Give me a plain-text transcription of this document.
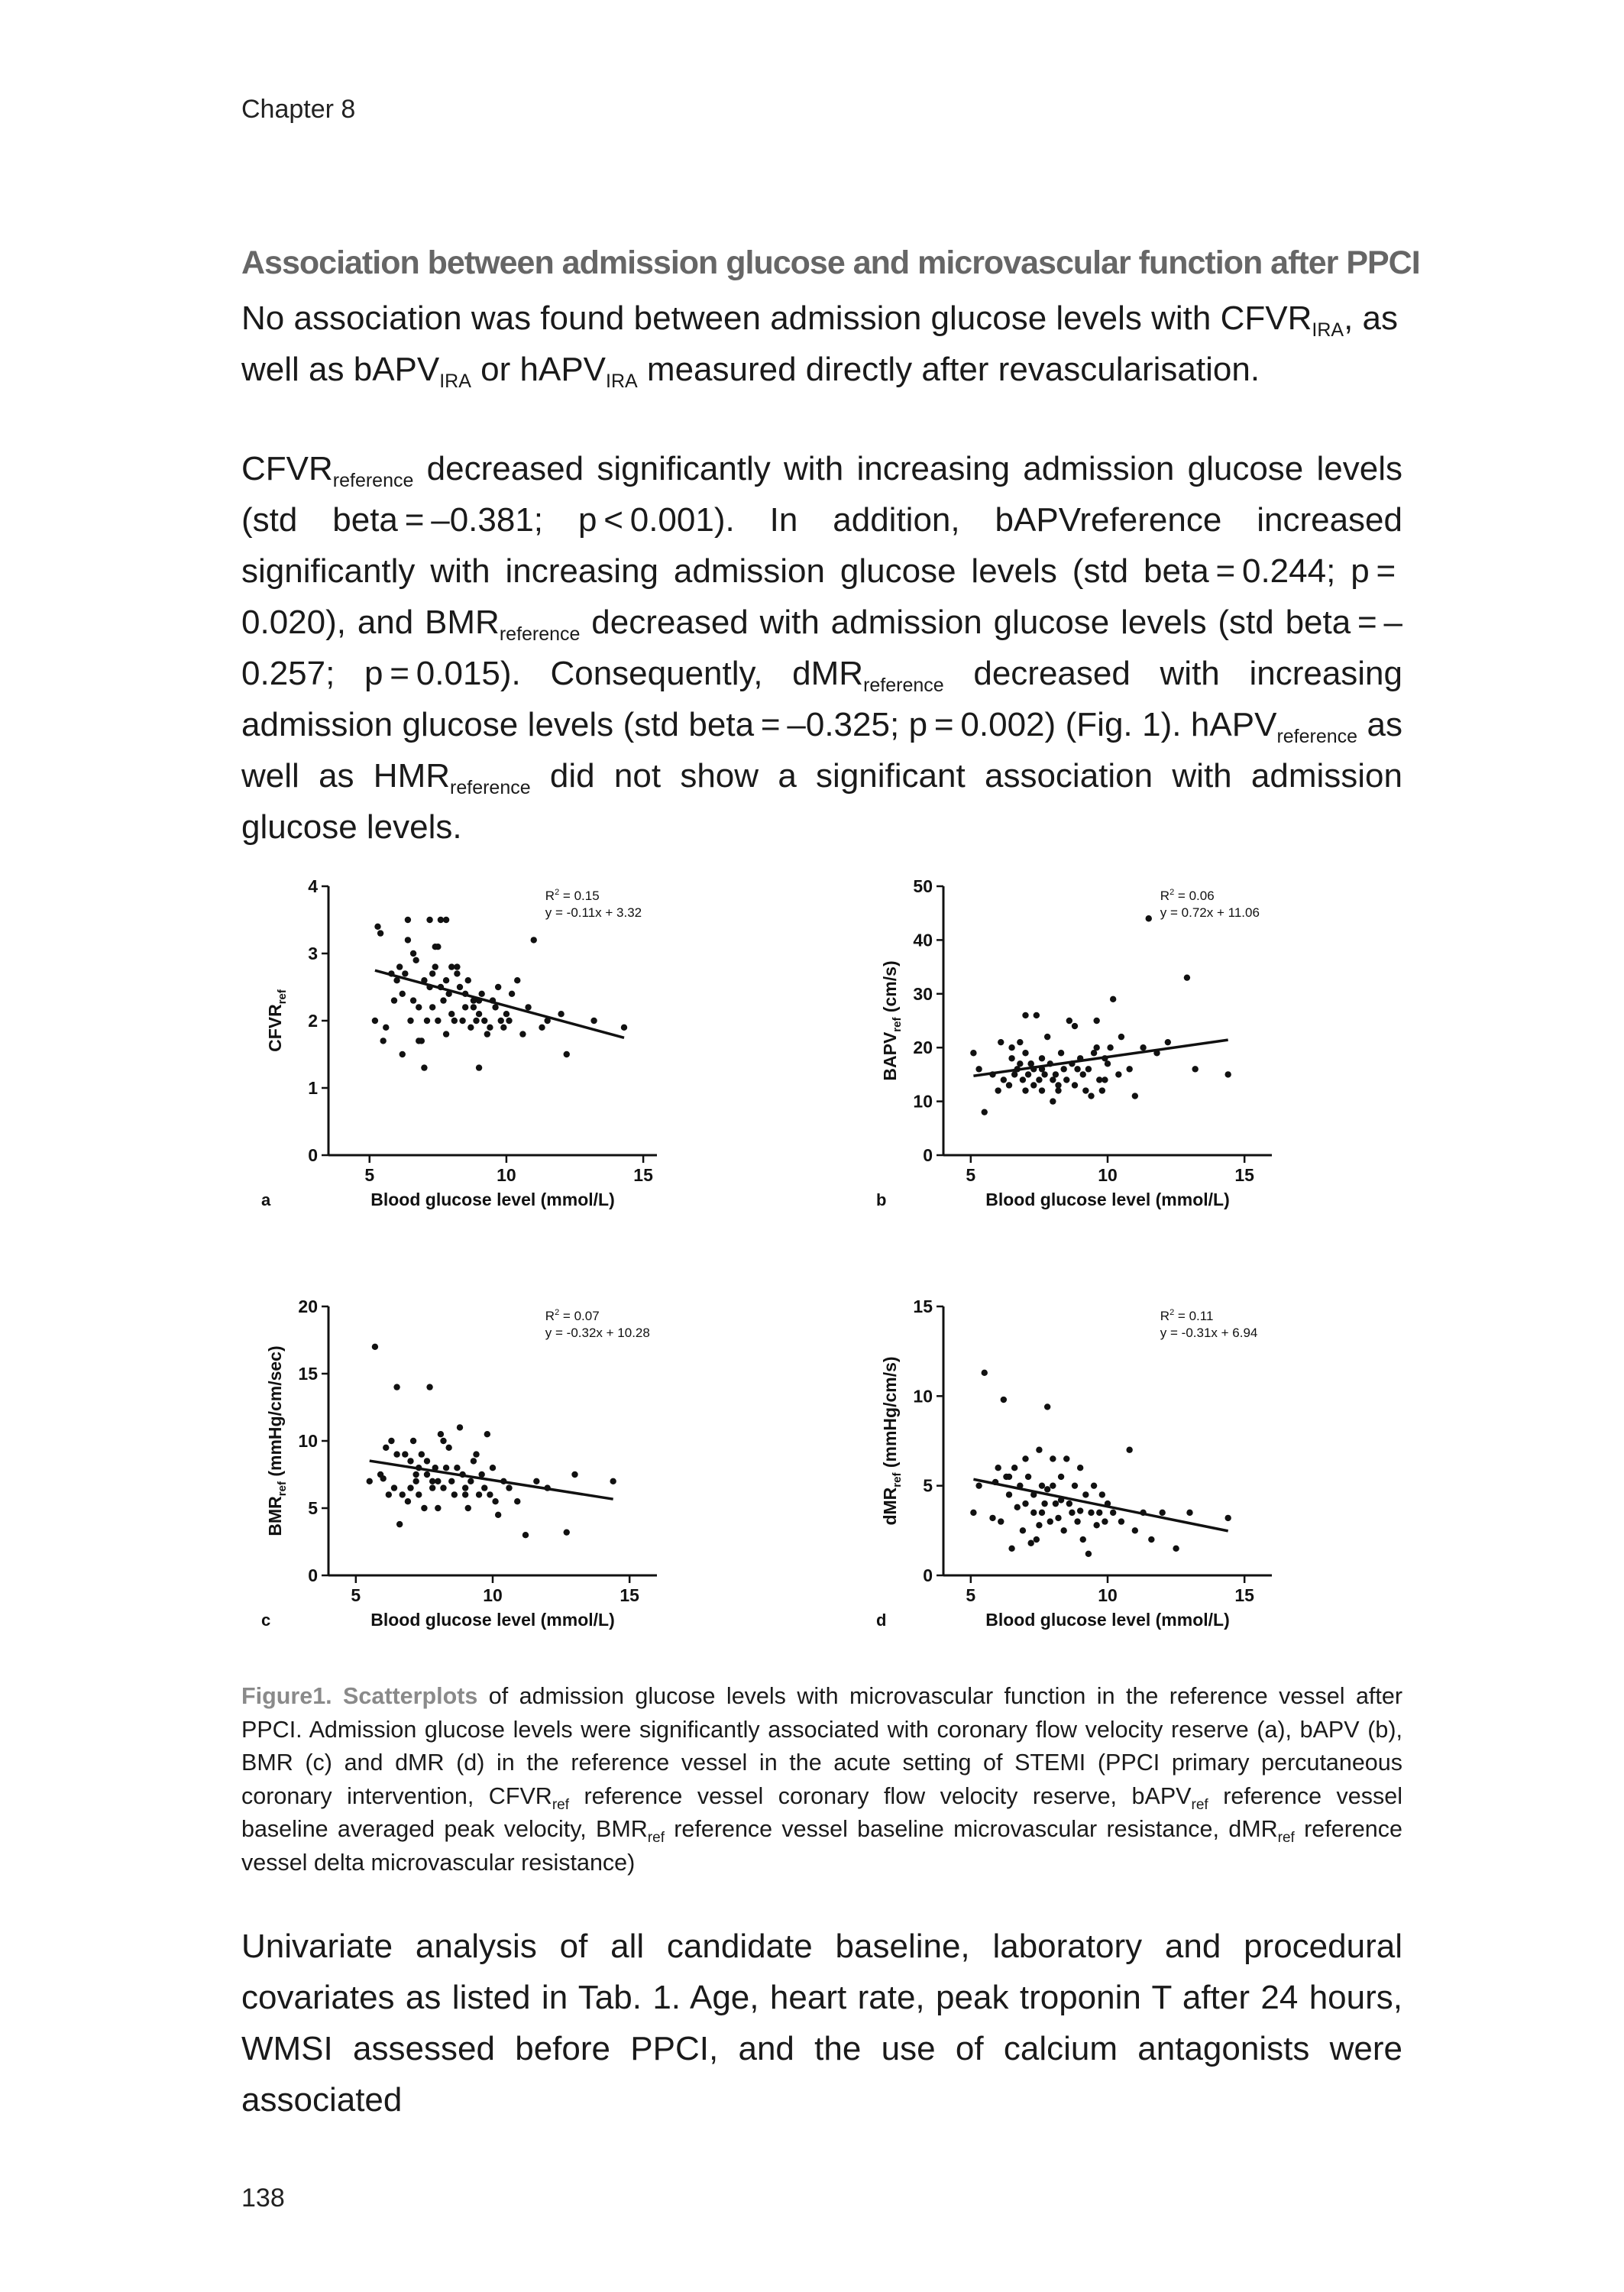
Chapter 8
Association between admission glucose and microvascular function after PPCI
No association was found between admission glucose levels with $CFVR_{IRA}$, as
well as bAPV$_{IRA}$ or hAPV$_{IRA}$ measured directly after revascularisation.
$CFVR_{reference}$ decreased significantly with increasing admission glucose levels (std beta = –0.381; p < 0.001). In addition, bAPVreference increased significantly with increasing admission glucose levels (std beta = 0.244; p = 0.020), and $BMR_{reference}$ decreased with admission glucose levels (std beta = –0.257; p = 0.015). Consequently, dMR$_{reference}$ decreased with increasing admission glucose levels (std beta = –0.325; p = 0.002) (Fig. 1). hAPV$_{reference}$ as well as $HMR_{reference}$ did not show a significant association with admission glucose levels.
0
1
2
3
4
5	10	15
Blood glucose level (mmol/L)
$CFVR_{ref}$
a
$R^2 = 0.15$
y = -0.11x + 3.32
0
10
20
30
40
50
5	10	15
Blood glucose level (mmol/L)
$BAPV_{ref}$ (cm/s)
b
$R^2 = 0.06$
y = 0.72x + 11.06
0
5
10
15
20
5	10	15
Blood glucose level (mmol/L)
$BMR_{ref}$ (mmHg/cm/sec)
c
$R^2 = 0.07$
y = -0.32x + 10.28
0
5
10
15
5	10	15
Blood glucose level (mmol/L)
dMR$_{ref}$ (mmHg/cm/s)
d
$R^2 = 0.11$
y = -0.31x + 6.94
Figure1. Scatterplots of admission glucose levels with microvascular function in the reference vessel after PPCI. Admission glucose levels were significantly associated with coronary flow velocity reserve (a), bAPV (b), BMR (c) and dMR (d) in the reference vessel in the acute setting of STEMI (PPCI primary percutaneous coronary intervention, $CFVR_{ref}$ reference vessel coronary flow velocity reserve, bAPV$_{ref}$ reference vessel baseline averaged peak velocity, $BMR_{ref}$ reference vessel baseline microvascular resistance, dMR$_{ref}$ reference vessel delta microvascular resistance)
Univariate analysis of all candidate baseline, laboratory and procedural covariates as listed in Tab. 1. Age, heart rate, peak troponin T after 24 hours, WMSI assessed before PPCI, and the use of calcium antagonists were associated
138
